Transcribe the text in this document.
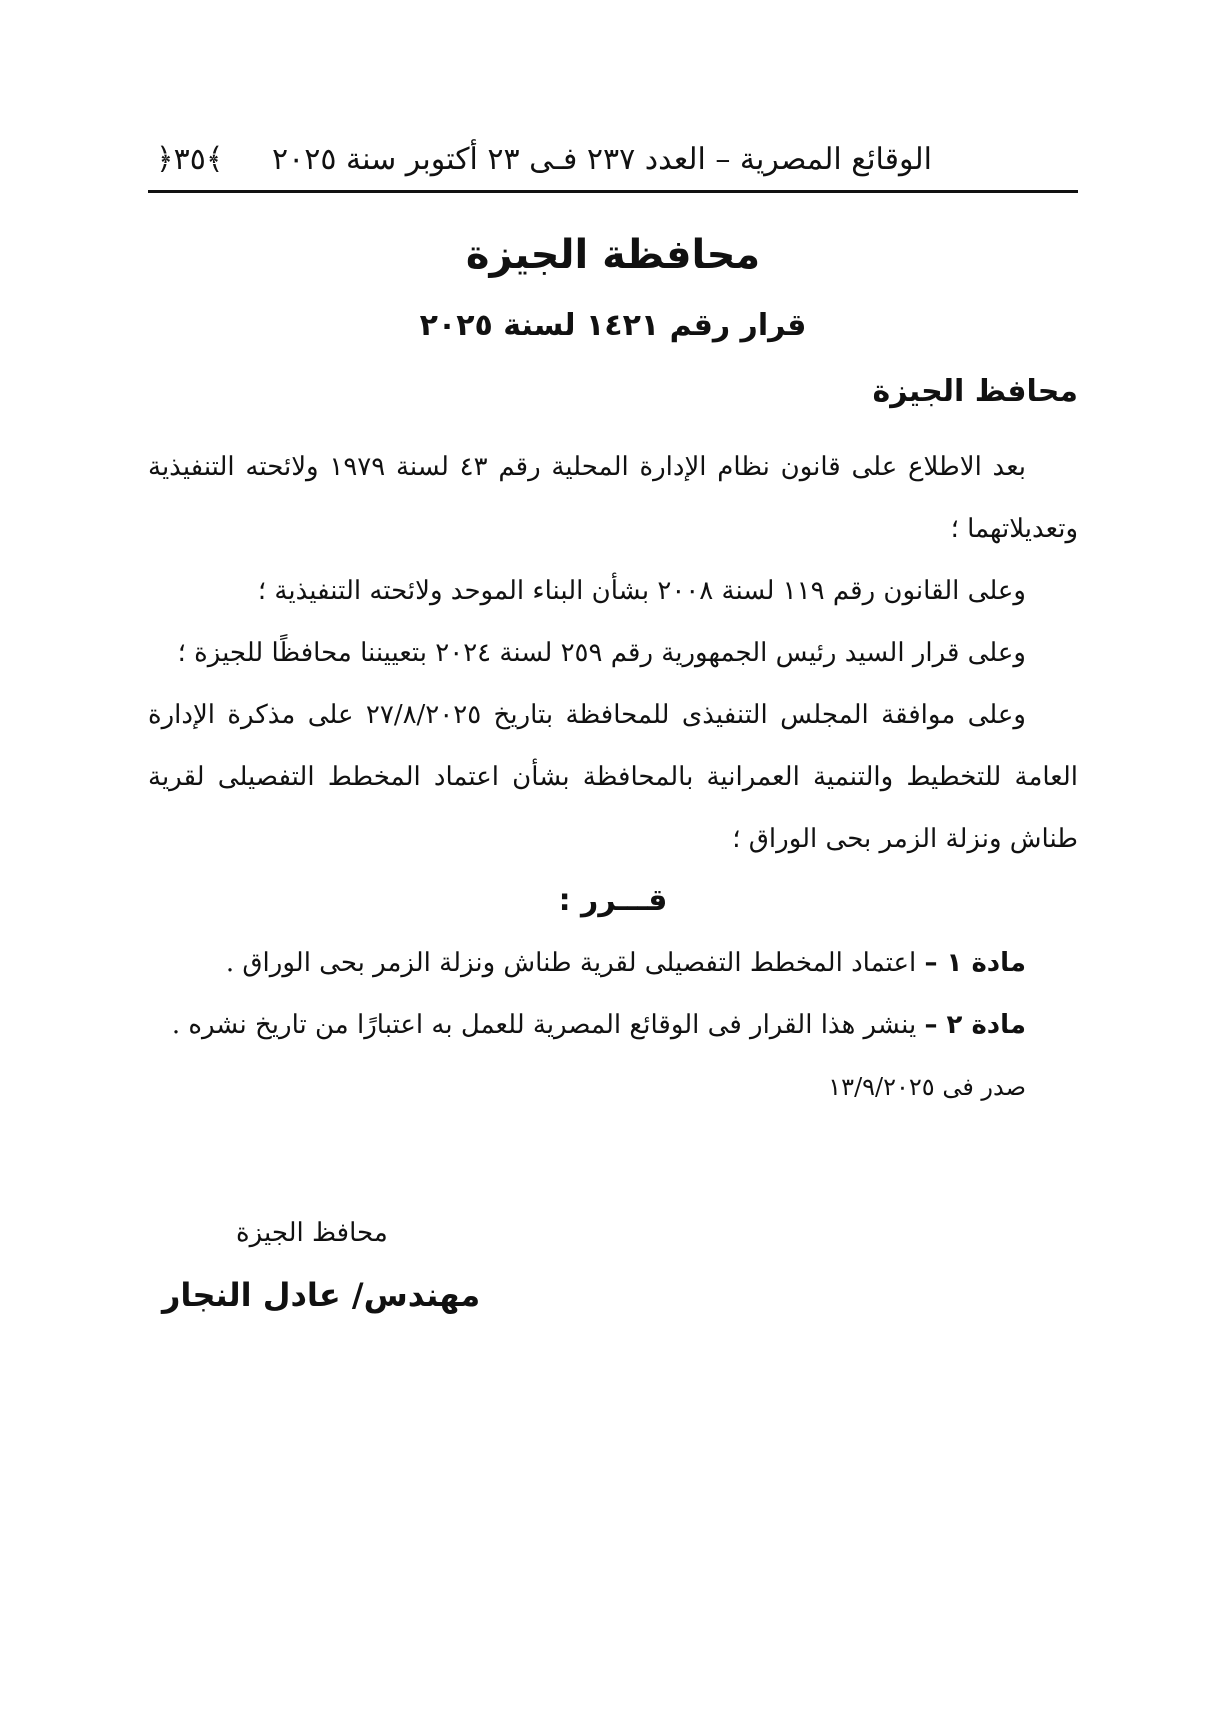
الوقائع المصرية – العدد ٢٣٧ فـى ٢٣ أكتوبر سنة ٢٠٢٥
﴿٣٥﴾
محافظة الجيزة
قرار رقم ١٤٢١ لسنة ٢٠٢٥
محافظ الجيزة

بعد الاطلاع على قانون نظام الإدارة المحلية رقم ٤٣ لسنة ١٩٧٩ ولائحته التنفيذية وتعديلاتهما ؛

وعلى القانون رقم ١١٩ لسنة ٢٠٠٨ بشأن البناء الموحد ولائحته التنفيذية ؛

وعلى قرار السيد رئيس الجمهورية رقم ٢٥٩ لسنة ٢٠٢٤ بتعييننا محافظًا للجيزة ؛

وعلى موافقة المجلس التنفيذى للمحافظة بتاريخ ٢٧/٨/٢٠٢٥ على مذكرة الإدارة العامة للتخطيط والتنمية العمرانية بالمحافظة بشأن اعتماد المخطط التفصيلى لقرية طناش ونزلة الزمر بحى الوراق ؛

قـــرر :

مادة ١ – اعتماد المخطط التفصيلى لقرية طناش ونزلة الزمر بحى الوراق .

مادة ٢ – ينشر هذا القرار فى الوقائع المصرية للعمل به اعتبارًا من تاريخ نشره .

صدر فى ١٣/٩/٢٠٢٥

محافظ الجيزة
مهندس/ عادل النجار
